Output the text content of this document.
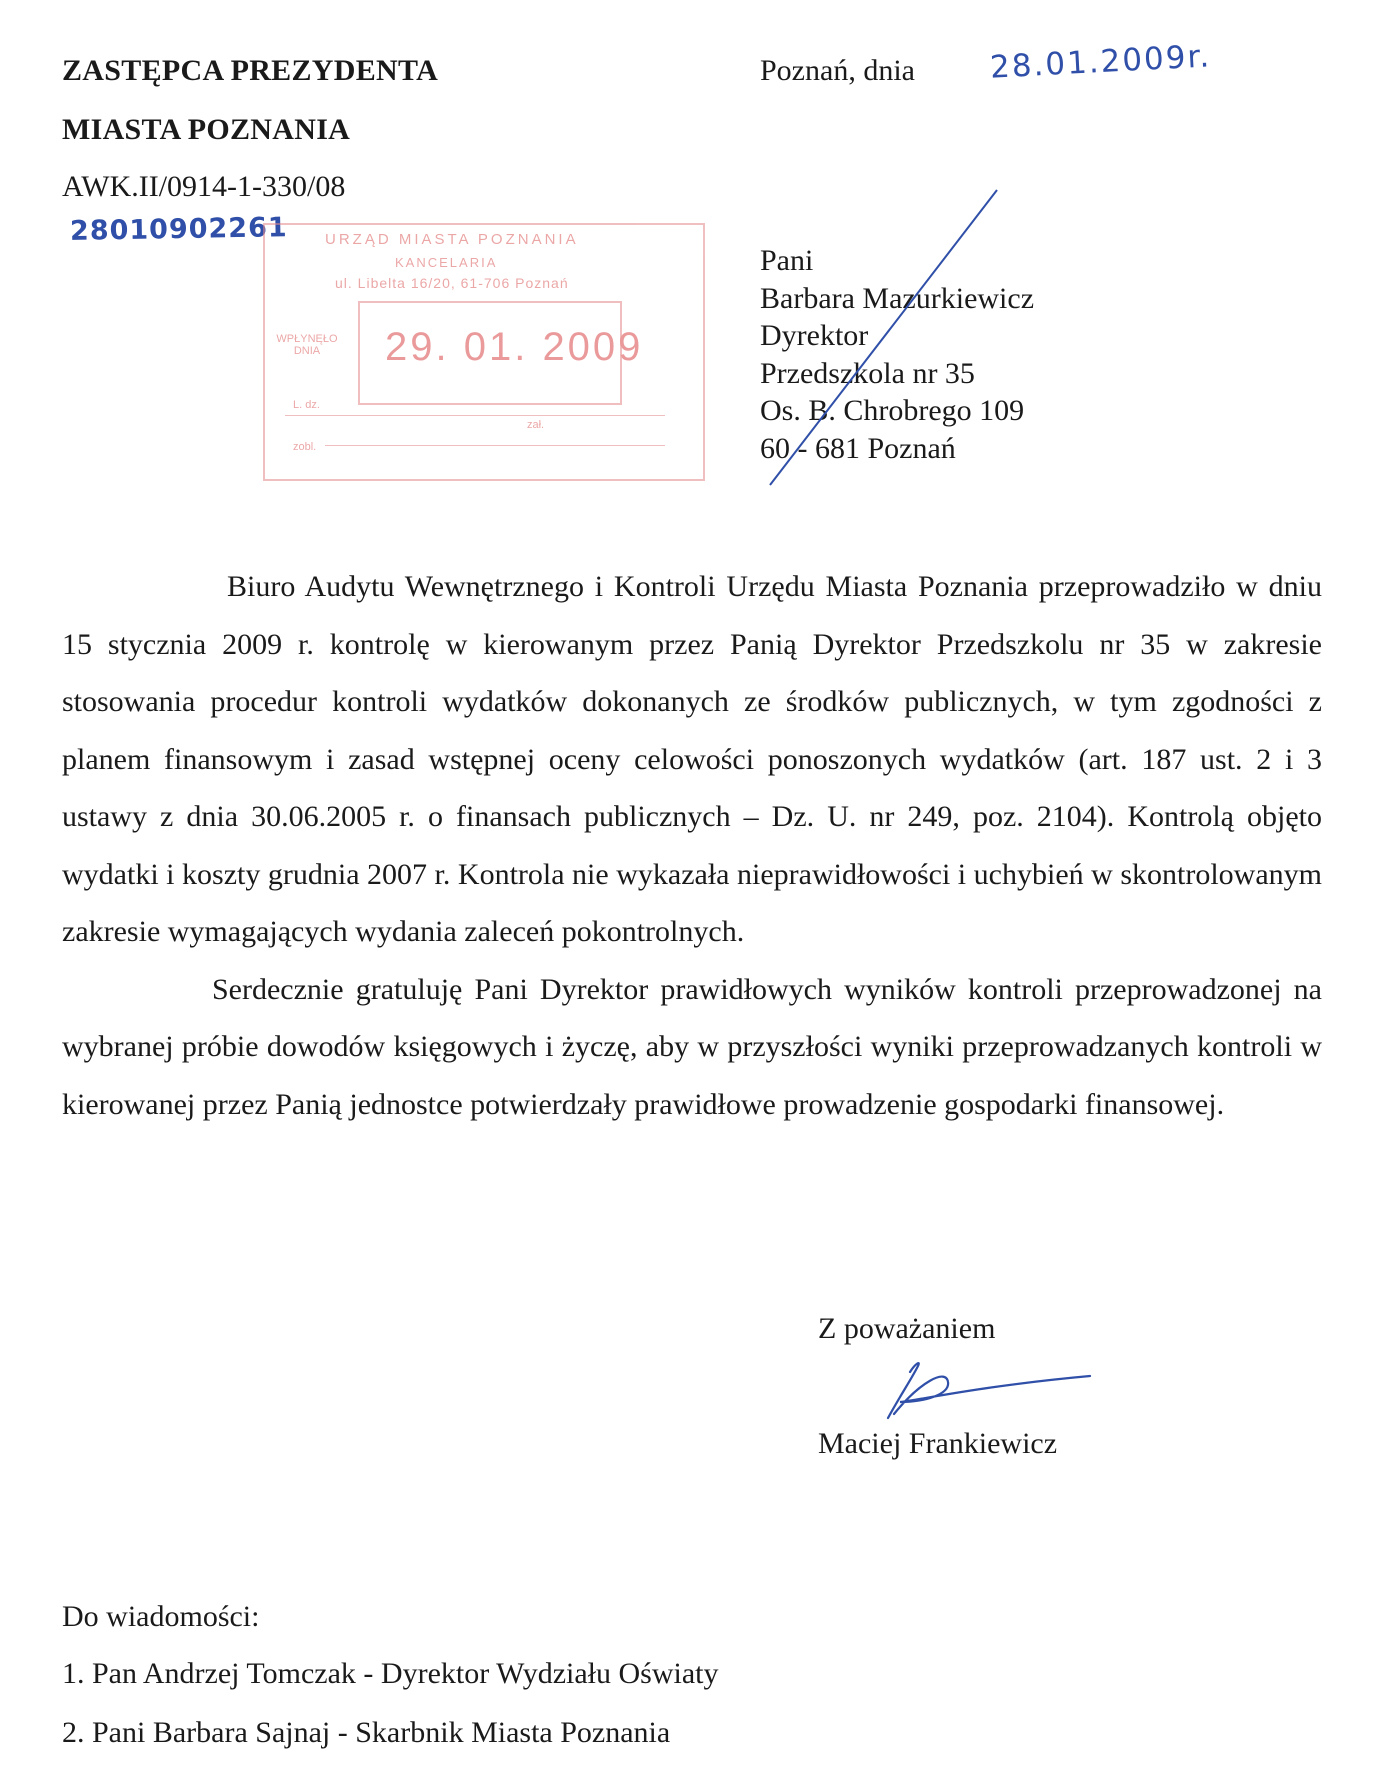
ZASTĘPCA PREZYDENTA
MIASTA POZNANIA
AWK.II/0914-1-330/08
28010902261
Poznań, dnia 28.01.2009r.
URZĄD MIASTA POZNANIA
KANCELARIA
ul. Libelta 16/20, 61-706 Poznań
WPŁYNĘŁO DNIA	29. 01. 2009
L. dz.
zał.
zobl.
Pani
Barbara Mazurkiewicz
Dyrektor
Przedszkola nr 35
Os. B. Chrobrego 109
60 - 681 Poznań

Biuro Audytu Wewnętrznego i Kontroli Urzędu Miasta Poznania przeprowadziło w dniu 15 stycznia 2009 r. kontrolę w kierowanym przez Panią Dyrektor Przedszkolu nr 35 w zakresie stosowania procedur kontroli wydatków dokonanych ze środków publicznych, w tym zgodności z planem finansowym i zasad wstępnej oceny celowości ponoszonych wydatków (art. 187 ust. 2 i 3 ustawy z dnia 30.06.2005 r. o finansach publicznych – Dz. U. nr 249, poz. 2104). Kontrolą objęto wydatki i koszty grudnia 2007 r. Kontrola nie wykazała nieprawidłowości i uchybień w skontrolowanym zakresie wymagających wydania zaleceń pokontrolnych.

Serdecznie gratuluję Pani Dyrektor prawidłowych wyników kontroli przeprowadzonej na wybranej próbie dowodów księgowych i życzę, aby w przyszłości wyniki przeprowadzanych kontroli w kierowanej przez Panią jednostce potwierdzały prawidłowe prowadzenie gospodarki finansowej.

Z poważaniem
Maciej Frankiewicz
Do wiadomości:
1. Pan Andrzej Tomczak - Dyrektor Wydziału Oświaty
2. Pani Barbara Sajnaj - Skarbnik Miasta Poznania
